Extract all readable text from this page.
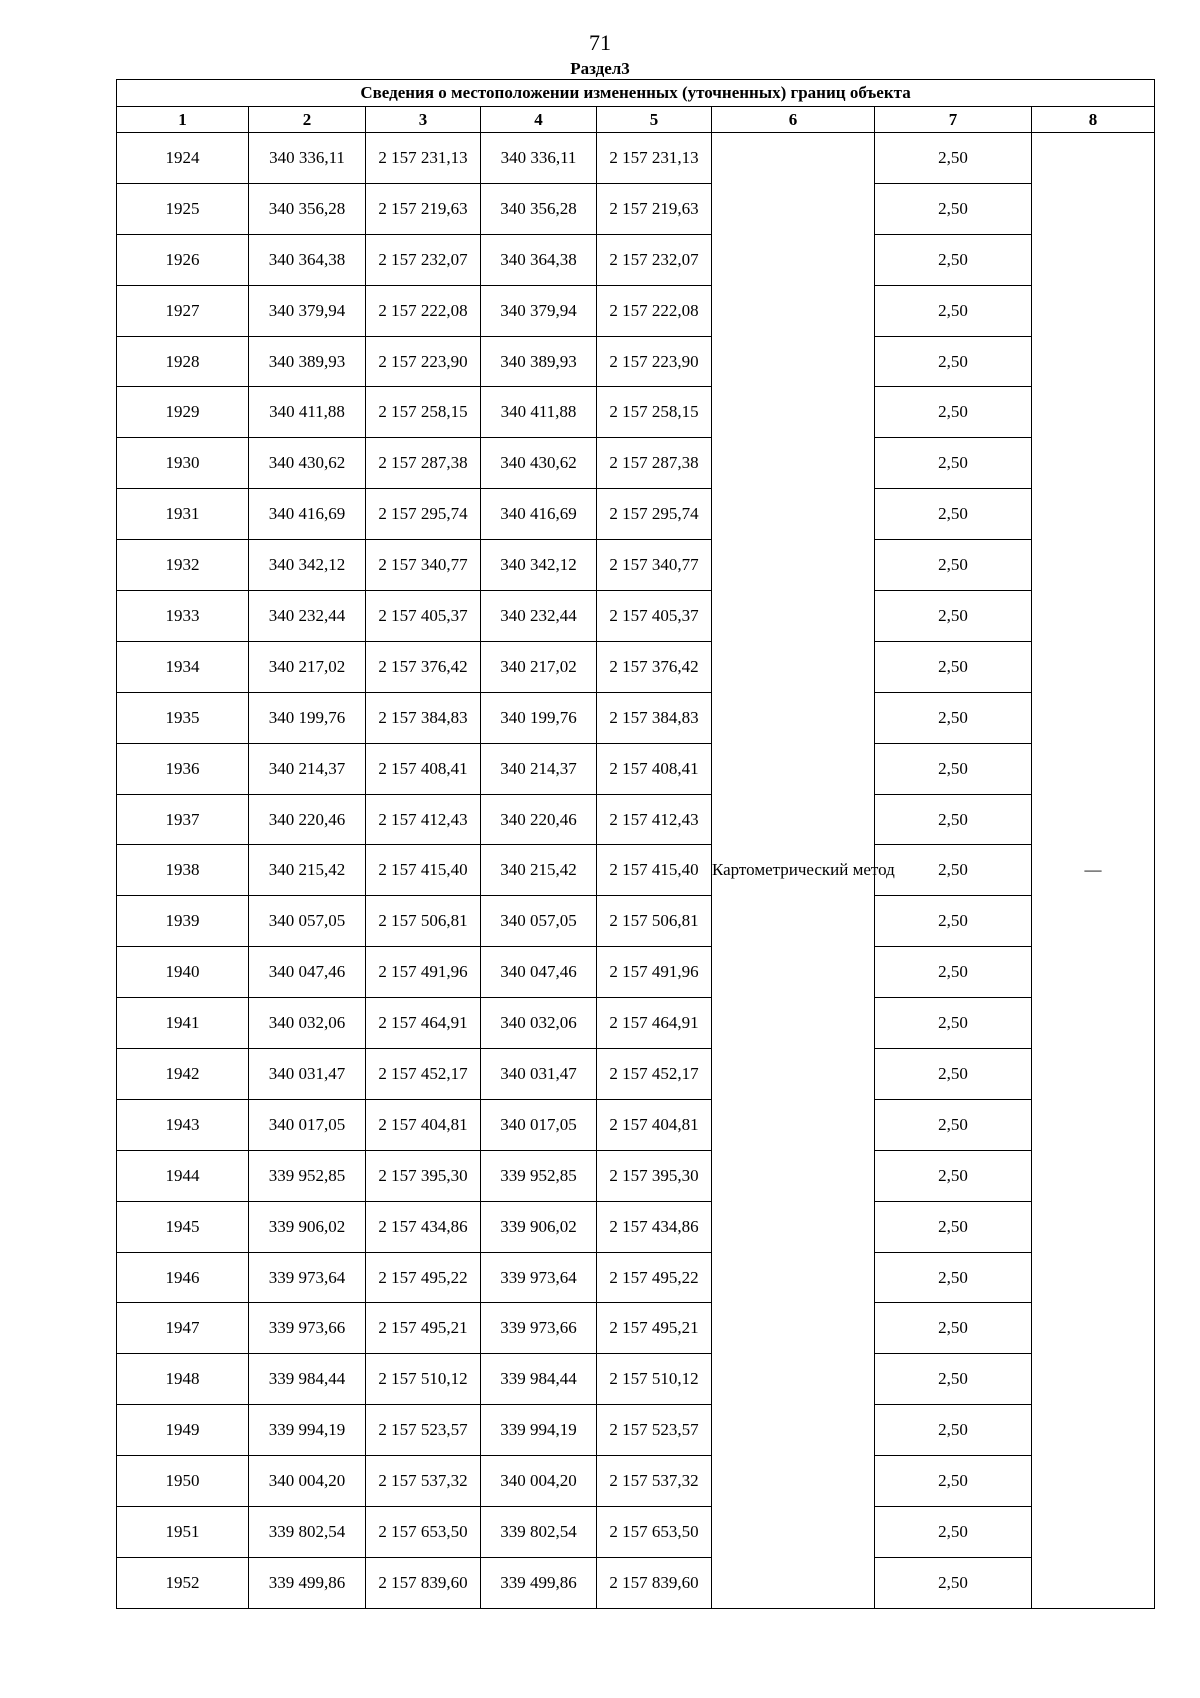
71
Раздел3
Сведения о местоположении измененных (уточненных) границ объекта							
1	2	3	4	5	6	7	8
1924	340 336,11	2 157 231,13	340 336,11	2 157 231,13	Картометрический метод	2,50	—
1925	340 356,28	2 157 219,63	340 356,28	2 157 219,63		2,50	
1926	340 364,38	2 157 232,07	340 364,38	2 157 232,07		2,50	
1927	340 379,94	2 157 222,08	340 379,94	2 157 222,08		2,50	
1928	340 389,93	2 157 223,90	340 389,93	2 157 223,90		2,50	
1929	340 411,88	2 157 258,15	340 411,88	2 157 258,15		2,50	
1930	340 430,62	2 157 287,38	340 430,62	2 157 287,38		2,50	
1931	340 416,69	2 157 295,74	340 416,69	2 157 295,74		2,50	
1932	340 342,12	2 157 340,77	340 342,12	2 157 340,77		2,50	
1933	340 232,44	2 157 405,37	340 232,44	2 157 405,37		2,50	
1934	340 217,02	2 157 376,42	340 217,02	2 157 376,42		2,50	
1935	340 199,76	2 157 384,83	340 199,76	2 157 384,83		2,50	
1936	340 214,37	2 157 408,41	340 214,37	2 157 408,41		2,50	
1937	340 220,46	2 157 412,43	340 220,46	2 157 412,43		2,50	
1938	340 215,42	2 157 415,40	340 215,42	2 157 415,40		2,50	
1939	340 057,05	2 157 506,81	340 057,05	2 157 506,81		2,50	
1940	340 047,46	2 157 491,96	340 047,46	2 157 491,96		2,50	
1941	340 032,06	2 157 464,91	340 032,06	2 157 464,91		2,50	
1942	340 031,47	2 157 452,17	340 031,47	2 157 452,17		2,50	
1943	340 017,05	2 157 404,81	340 017,05	2 157 404,81		2,50	
1944	339 952,85	2 157 395,30	339 952,85	2 157 395,30		2,50	
1945	339 906,02	2 157 434,86	339 906,02	2 157 434,86		2,50	
1946	339 973,64	2 157 495,22	339 973,64	2 157 495,22		2,50	
1947	339 973,66	2 157 495,21	339 973,66	2 157 495,21		2,50	
1948	339 984,44	2 157 510,12	339 984,44	2 157 510,12		2,50	
1949	339 994,19	2 157 523,57	339 994,19	2 157 523,57		2,50	
1950	340 004,20	2 157 537,32	340 004,20	2 157 537,32		2,50	
1951	339 802,54	2 157 653,50	339 802,54	2 157 653,50		2,50	
1952	339 499,86	2 157 839,60	339 499,86	2 157 839,60		2,50	
